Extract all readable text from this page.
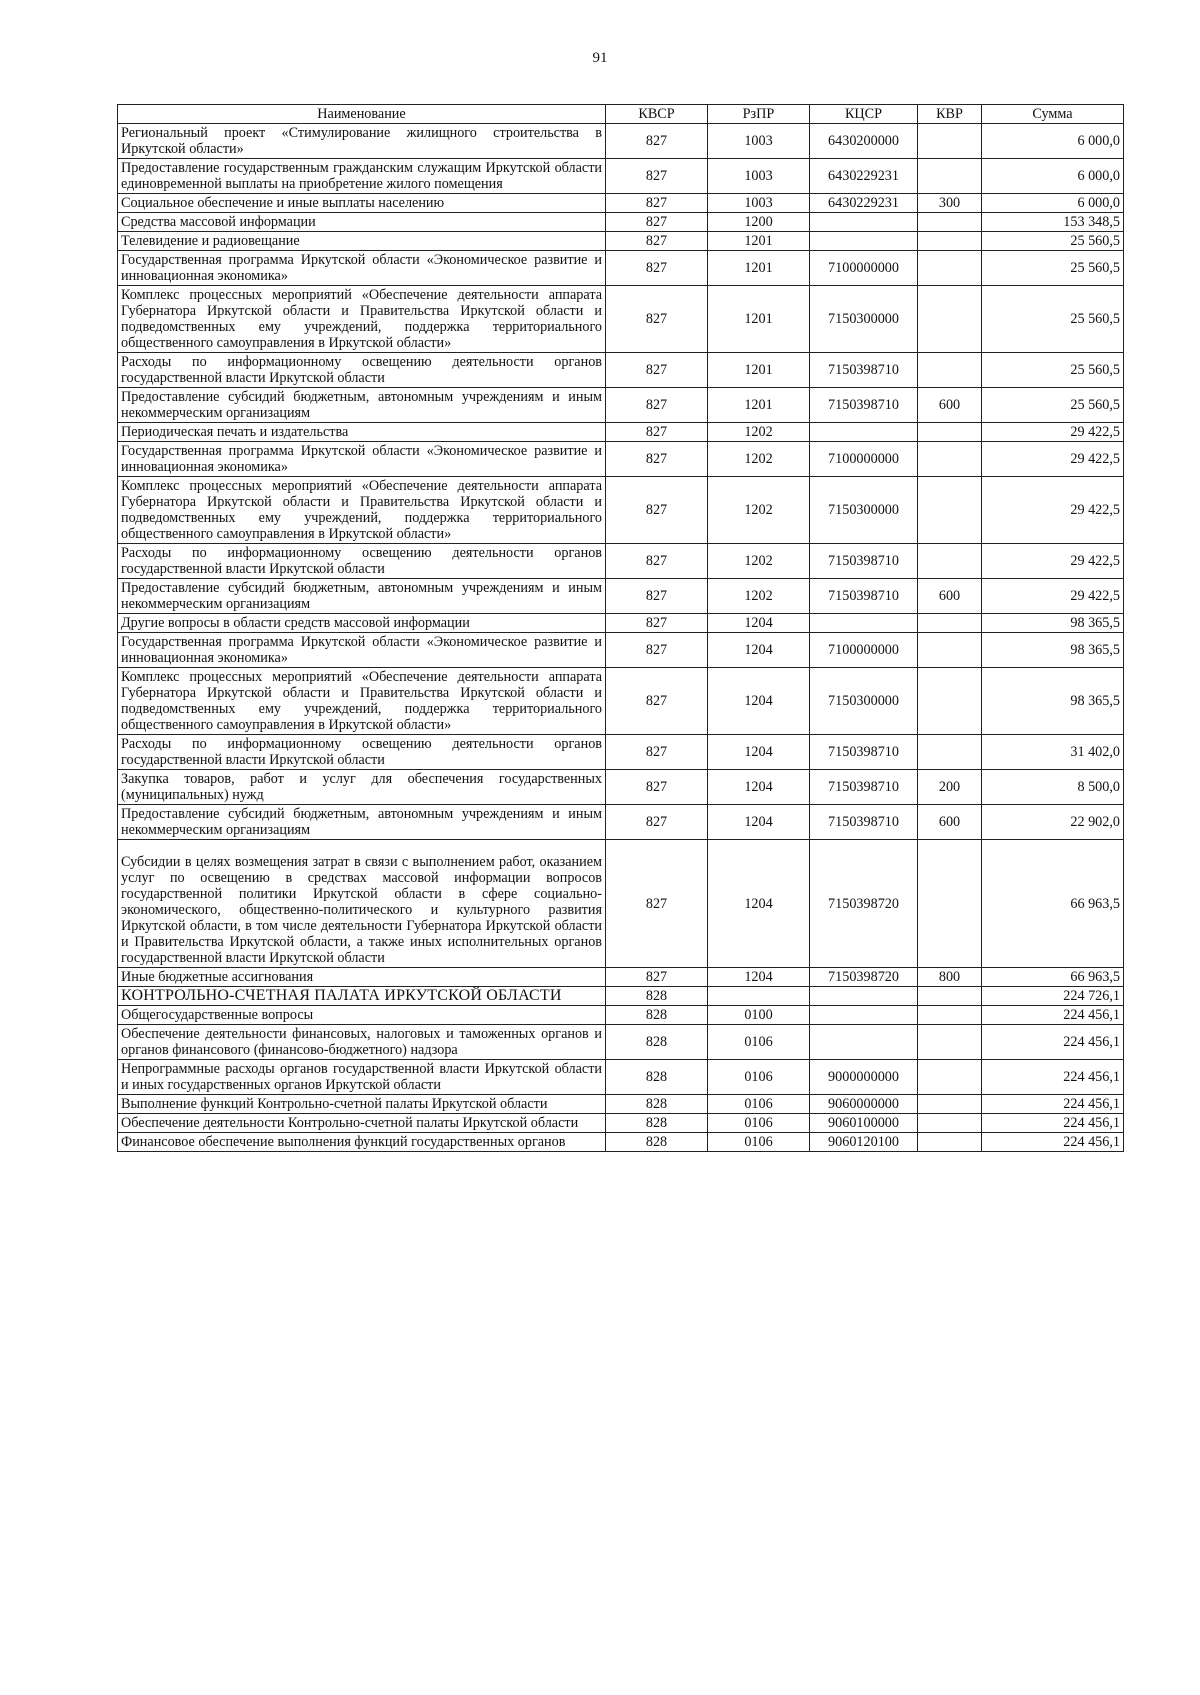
91
Наименование	КВСР	РзПР	КЦСР	КВР	Сумма
Региональный проект «Стимулирование жилищного строительства в Иркутской области»	827	1003	6430200000		6 000,0
Предоставление государственным гражданским служащим Иркутской области единовременной выплаты на приобретение жилого помещения	827	1003	6430229231		6 000,0
Социальное обеспечение и иные выплаты населению	827	1003	6430229231	300	6 000,0
Средства массовой информации	827	1200			153 348,5
Телевидение и радиовещание	827	1201			25 560,5
Государственная программа Иркутской области «Экономическое развитие и инновационная экономика»	827	1201	7100000000		25 560,5
Комплекс процессных мероприятий «Обеспечение деятельности аппарата Губернатора Иркутской области и Правительства Иркутской области и подведомственных ему учреждений, поддержка территориального общественного самоуправления в Иркутской области»	827	1201	7150300000		25 560,5
Расходы по информационному освещению деятельности органов государственной власти Иркутской области	827	1201	7150398710		25 560,5
Предоставление субсидий бюджетным, автономным учреждениям и иным некоммерческим организациям	827	1201	7150398710	600	25 560,5
Периодическая печать и издательства	827	1202			29 422,5
Государственная программа Иркутской области «Экономическое развитие и инновационная экономика»	827	1202	7100000000		29 422,5
Комплекс процессных мероприятий «Обеспечение деятельности аппарата Губернатора Иркутской области и Правительства Иркутской области и подведомственных ему учреждений, поддержка территориального общественного самоуправления в Иркутской области»	827	1202	7150300000		29 422,5
Расходы по информационному освещению деятельности органов государственной власти Иркутской области	827	1202	7150398710		29 422,5
Предоставление субсидий бюджетным, автономным учреждениям и иным некоммерческим организациям	827	1202	7150398710	600	29 422,5
Другие вопросы в области средств массовой информации	827	1204			98 365,5
Государственная программа Иркутской области «Экономическое развитие и инновационная экономика»	827	1204	7100000000		98 365,5
Комплекс процессных мероприятий «Обеспечение деятельности аппарата Губернатора Иркутской области и Правительства Иркутской области и подведомственных ему учреждений, поддержка территориального общественного самоуправления в Иркутской области»	827	1204	7150300000		98 365,5
Расходы по информационному освещению деятельности органов государственной власти Иркутской области	827	1204	7150398710		31 402,0
Закупка товаров, работ и услуг для обеспечения государственных (муниципальных) нужд	827	1204	7150398710	200	8 500,0
Предоставление субсидий бюджетным, автономным учреждениям и иным некоммерческим организациям	827	1204	7150398710	600	22 902,0
Субсидии в целях возмещения затрат в связи с выполнением работ, оказанием услуг по освещению в средствах массовой информации вопросов государственной политики Иркутской области в сфере социально-экономического, общественно-политического и культурного развития Иркутской области, в том числе деятельности Губернатора Иркутской области и Правительства Иркутской области, а также иных исполнительных органов государственной власти Иркутской области	827	1204	7150398720		66 963,5
Иные бюджетные ассигнования	827	1204	7150398720	800	66 963,5
КОНТРОЛЬНО-СЧЕТНАЯ ПАЛАТА ИРКУТСКОЙ ОБЛАСТИ	828				224 726,1
Общегосударственные вопросы	828	0100			224 456,1
Обеспечение деятельности финансовых, налоговых и таможенных органов и органов финансового (финансово-бюджетного) надзора	828	0106			224 456,1
Непрограммные расходы органов государственной власти Иркутской области и иных государственных органов Иркутской области	828	0106	9000000000		224 456,1
Выполнение функций Контрольно-счетной палаты Иркутской области	828	0106	9060000000		224 456,1
Обеспечение деятельности Контрольно-счетной палаты Иркутской области	828	0106	9060100000		224 456,1
Финансовое обеспечение выполнения функций государственных органов	828	0106	9060120100		224 456,1
